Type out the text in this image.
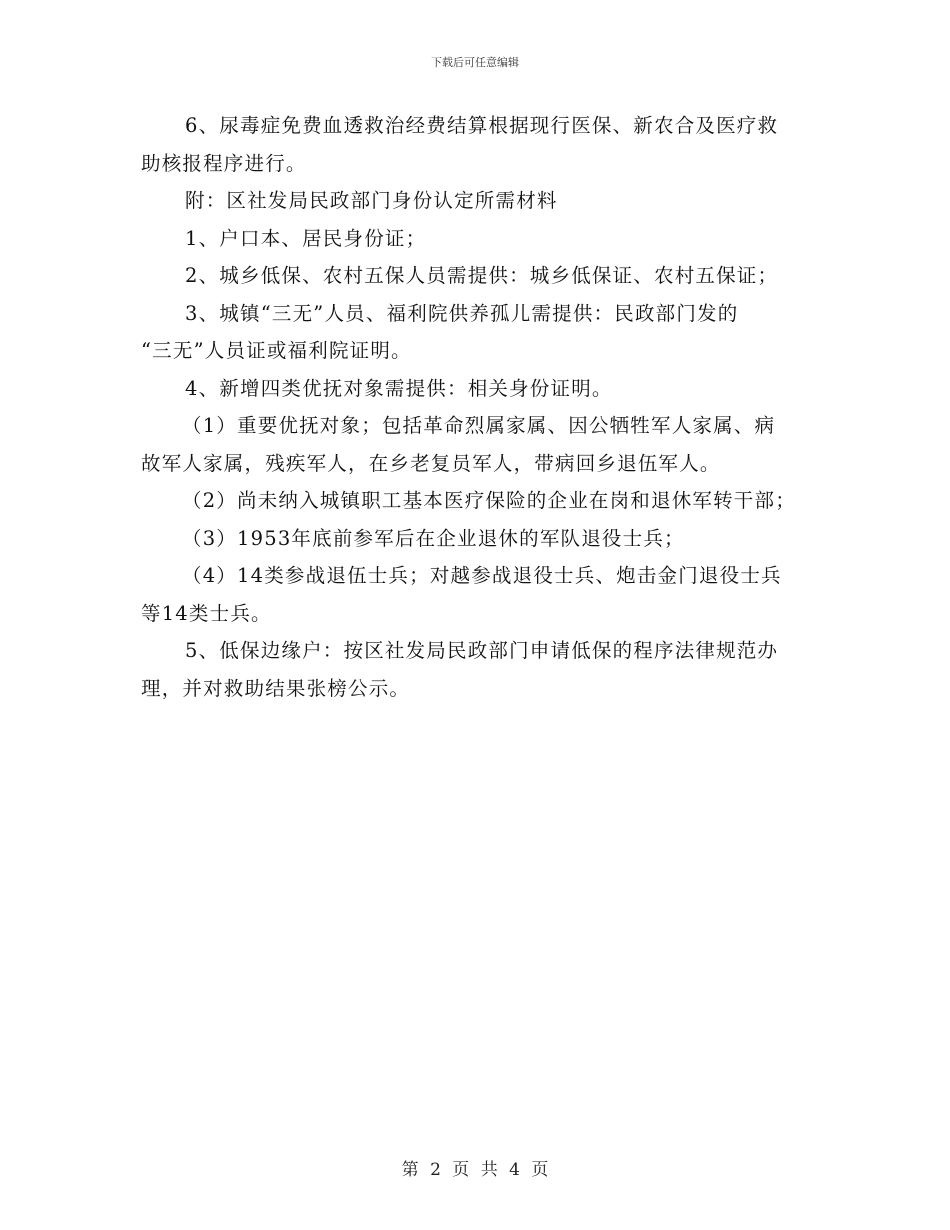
下载后可任意编辑
6、尿毒症免费血透救治经费结算根据现行医保、新农合及医疗救
助核报程序进行。
附：区社发局民政部门身份认定所需材料
1、户口本、居民身份证；
2、城乡低保、农村五保人员需提供：城乡低保证、农村五保证；
3、城镇“三无”人员、福利院供养孤儿需提供：民政部门发的
“三无”人员证或福利院证明。
4、新增四类优抚对象需提供：相关身份证明。
（1）重要优抚对象；包括革命烈属家属、因公牺牲军人家属、病
故军人家属，残疾军人，在乡老复员军人，带病回乡退伍军人。
（2）尚未纳入城镇职工基本医疗保险的企业在岗和退休军转干部；
（3）1953年底前参军后在企业退休的军队退役士兵；
（4）14类参战退伍士兵；对越参战退役士兵、炮击金门退役士兵
等14类士兵。
5、低保边缘户：按区社发局民政部门申请低保的程序法律规范办
理，并对救助结果张榜公示。
第 2 页 共 4 页
